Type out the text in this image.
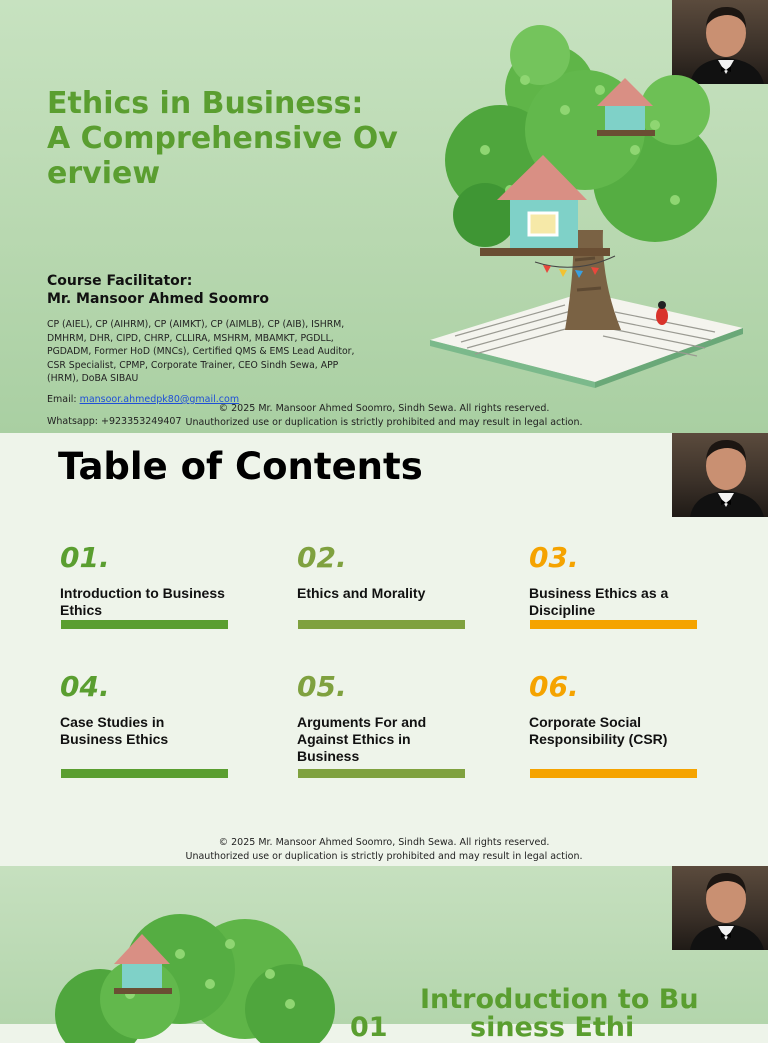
Ethics in Business:
A Comprehensive Ov
erview
Course Facilitator:
Mr. Mansoor Ahmed Soomro
CP (AIEL), CP (AIHRM), CP (AIMKT), CP (AIMLB), CP (AIB), ISHRM, DMHRM, DHR, CIPD, CHRP, CLLIRA, MSHRM, MBAMKT, PGDLL, PGDADM, Former HoD (MNCs), Certified QMS & EMS Lead Auditor, CSR Specialist, CPMP, Corporate Trainer, CEO Sindh Sewa, APP (HRM), DoBA SIBAU
Email: mansoor.ahmedpk80@gmail.com
Whatsapp: +923353249407
© 2025 Mr. Mansoor Ahmed Soomro, Sindh Sewa. All rights reserved.
Unauthorized use or duplication is strictly prohibited and may result in legal action.
Table of Contents
01.
Introduction to Business Ethics
02.
Ethics and Morality
03.
Business Ethics as a Discipline
04.
Case Studies in Business Ethics
05.
Arguments For and Against Ethics in Business
06.
Corporate Social Responsibility (CSR)
© 2025 Mr. Mansoor Ahmed Soomro, Sindh Sewa. All rights reserved.
Unauthorized use or duplication is strictly prohibited and may result in legal action.
Introduction to Bu
01	siness Ethi
